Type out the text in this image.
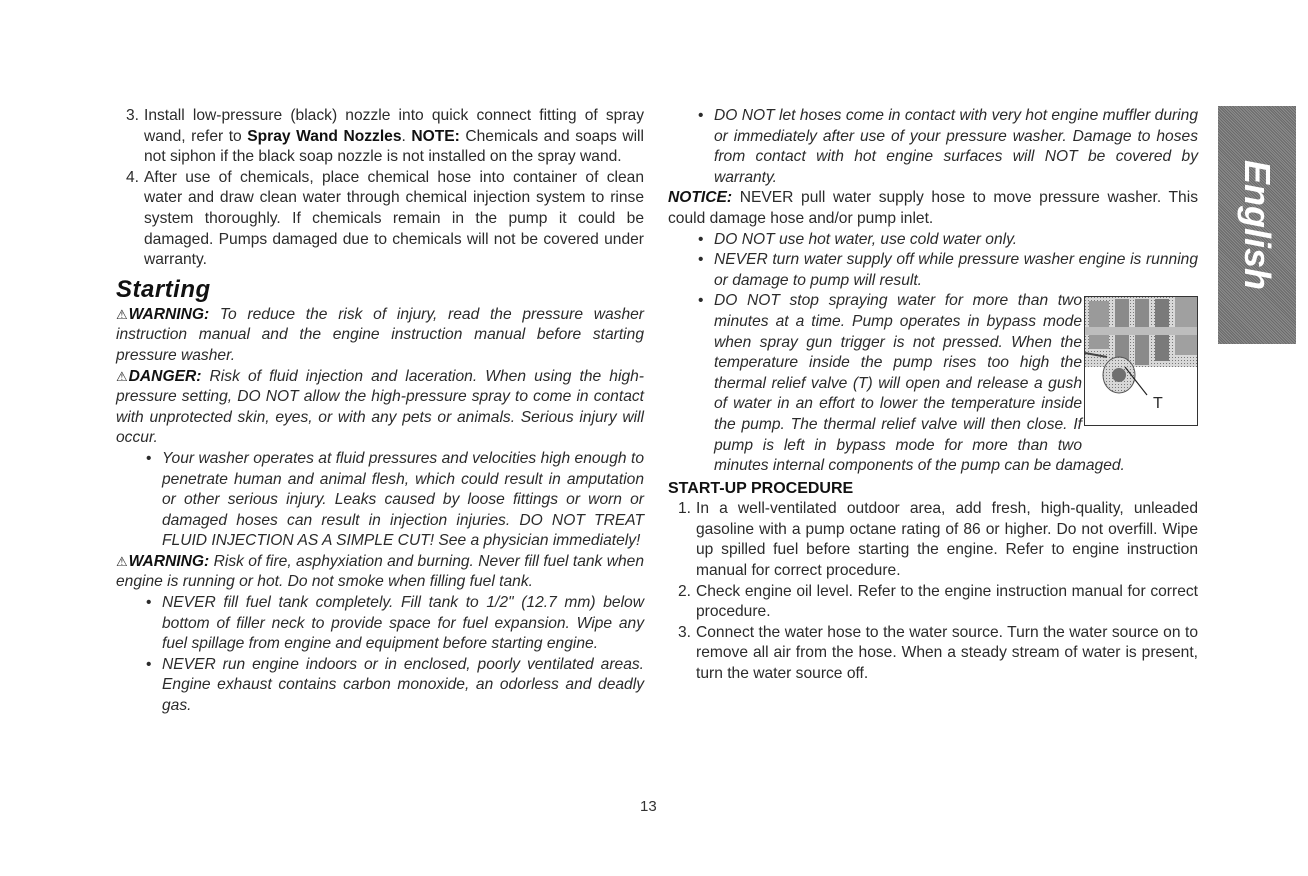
3. Install low-pressure (black) nozzle into quick connect fitting of spray wand, refer to Spray Wand Nozzles. NOTE: Chemicals and soaps will not siphon if the black soap nozzle is not installed on the spray wand.

4. After use of chemicals, place chemical hose into container of clean water and draw clean water through chemical injection system to rinse system thoroughly. If chemicals remain in the pump it could be damaged. Pumps damaged due to chemicals will not be covered under warranty.

Starting

⚠WARNING: To reduce the risk of injury, read the pressure washer instruction manual and the engine instruction manual before starting pressure washer.

⚠DANGER: Risk of fluid injection and laceration. When using the high-pressure setting, DO NOT allow the high-pressure spray to come in contact with unprotected skin, eyes, or with any pets or animals. Serious injury will occur.

• Your washer operates at fluid pressures and velocities high enough to penetrate human and animal flesh, which could result in amputation or other serious injury. Leaks caused by loose fittings or worn or damaged hoses can result in injection injuries. DO NOT TREAT FLUID INJECTION AS A SIMPLE CUT! See a physician immediately!

⚠WARNING: Risk of fire, asphyxiation and burning. Never fill fuel tank when engine is running or hot. Do not smoke when filling fuel tank.

• NEVER fill fuel tank completely. Fill tank to 1/2" (12.7 mm) below bottom of filler neck to provide space for fuel expansion. Wipe any fuel spillage from engine and equipment before starting engine.

• NEVER run engine indoors or in enclosed, poorly ventilated areas. Engine exhaust contains carbon monoxide, an odorless and deadly gas.

• DO NOT let hoses come in contact with very hot engine muffler during or immediately after use of your pressure washer. Damage to hoses from contact with hot engine surfaces will NOT be covered by warranty.

NOTICE: NEVER pull water supply hose to move pressure washer. This could damage hose and/or pump inlet.

• DO NOT use hot water, use cold water only.

• NEVER turn water supply off while pressure washer engine is running or damage to pump will result.

• DO NOT stop spraying water for more than two minutes at a time. Pump operates in bypass mode when spray gun trigger is not pressed. When the temperature inside the pump rises too high the thermal relief valve (T) will open and release a gush of water in an effort to lower the temperature inside the pump. The thermal relief valve will then close. If pump is left in bypass mode for more than two minutes internal components of the pump can be damaged.

START-UP PROCEDURE

1. In a well-ventilated outdoor area, add fresh, high-quality, unleaded gasoline with a pump octane rating of 86 or higher. Do not overfill. Wipe up spilled fuel before starting the engine. Refer to engine instruction manual for correct procedure.

2. Check engine oil level. Refer to the engine instruction manual for correct procedure.

3. Connect the water hose to the water source. Turn the water source on to remove all air from the hose. When a steady stream of water is present, turn the water source off.

T
English
13
